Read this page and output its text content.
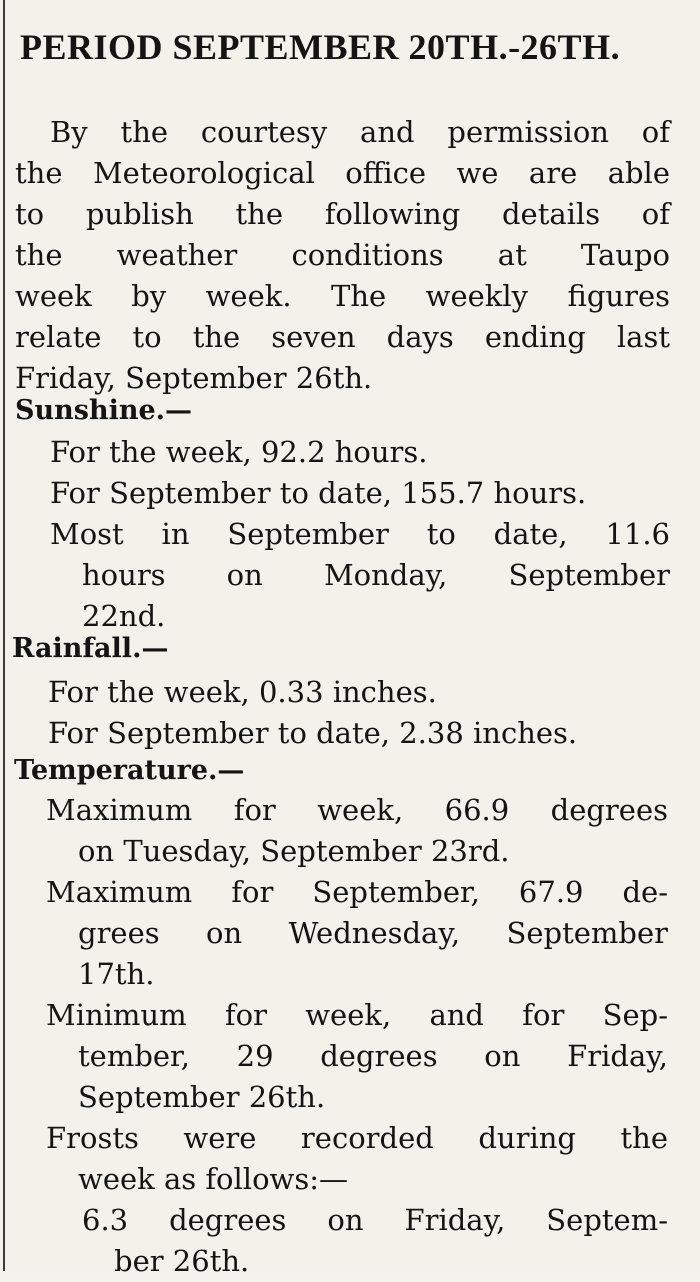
PERIOD SEPTEMBER 20TH.-26TH.
By the courtesy and permission of
the Meteorological office we are able
to publish the following details of
the weather conditions at Taupo
week by week. The weekly figures
relate to the seven days ending last
Friday, September 26th.

Sunshine.—

For the week, 92.2 hours.

For September to date, 155.7 hours.

Most in September to date, 11.6
hours on Monday, September
22nd.

Rainfall.—

For the week, 0.33 inches.

For September to date, 2.38 inches.

Temperature.—

Maximum for week, 66.9 degrees
on Tuesday, September 23rd.

Maximum for September, 67.9 de-
grees on Wednesday, September
17th.

Minimum for week, and for Sep-
tember, 29 degrees on Friday,
September 26th.

Frosts were recorded during the
week as follows:—

6.3 degrees on Friday, Septem-
ber 26th.
